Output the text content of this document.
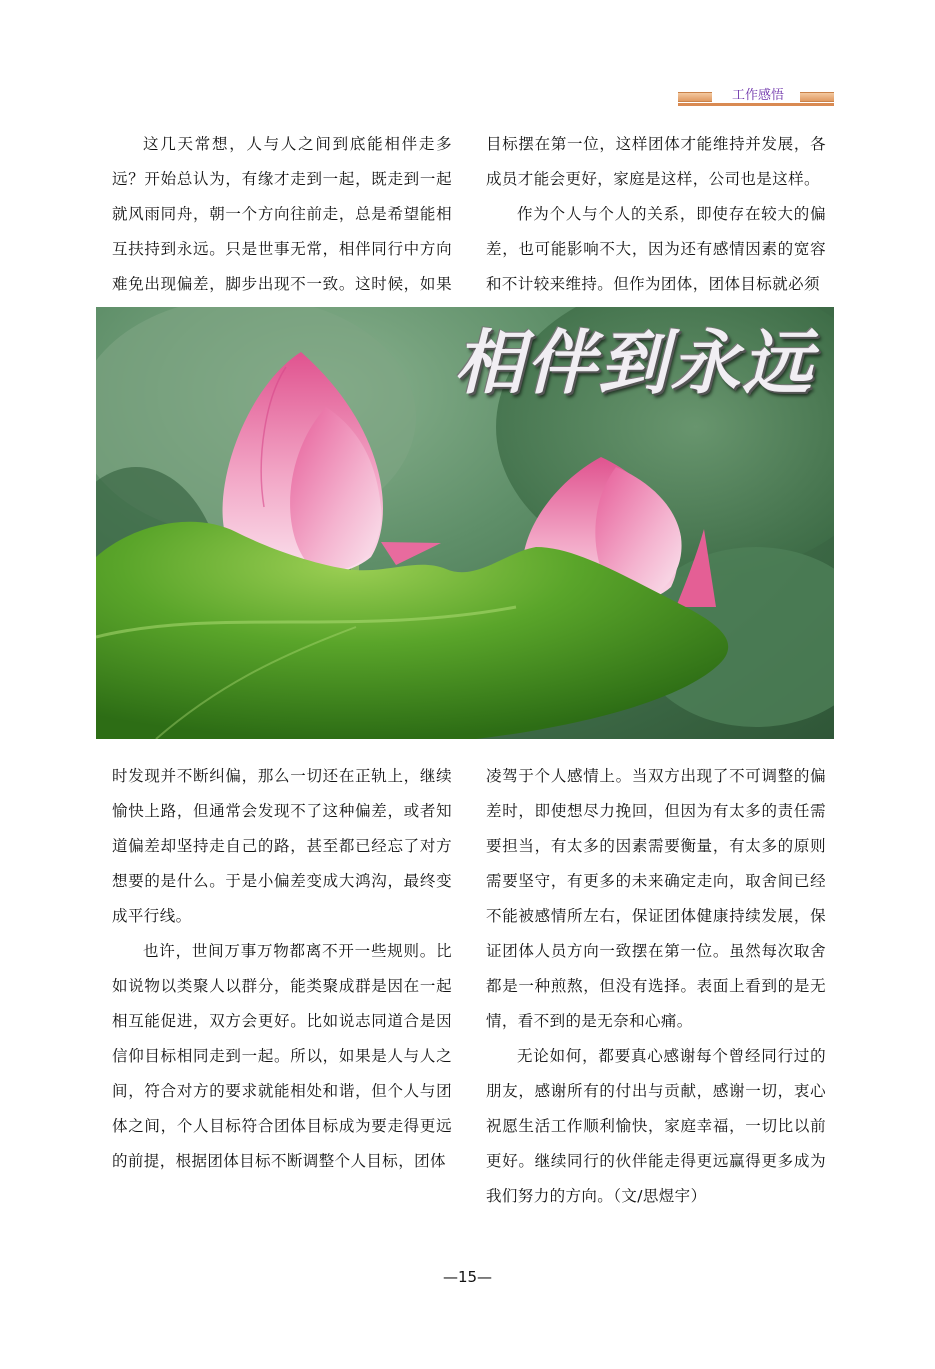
工作感悟

这几天常想，人与人之间到底能相伴走多远？开始总认为，有缘才走到一起，既走到一起就风雨同舟，朝一个方向往前走，总是希望能相互扶持到永远。只是世事无常，相伴同行中方向难免出现偏差，脚步出现不一致。这时候，如果

目标摆在第一位，这样团体才能维持并发展，各成员才能会更好，家庭是这样，公司也是这样。

作为个人与个人的关系，即使存在较大的偏差，也可能影响不大，因为还有感情因素的宽容和不计较来维持。但作为团体，团体目标就必须

相伴到永远

时发现并不断纠偏，那么一切还在正轨上，继续愉快上路，但通常会发现不了这种偏差，或者知道偏差却坚持走自己的路，甚至都已经忘了对方想要的是什么。于是小偏差变成大鸿沟，最终变成平行线。

也许，世间万事万物都离不开一些规则。比如说物以类聚人以群分，能类聚成群是因在一起相互能促进，双方会更好。比如说志同道合是因信仰目标相同走到一起。所以，如果是人与人之间，符合对方的要求就能相处和谐，但个人与团体之间，个人目标符合团体目标成为要走得更远的前提，根据团体目标不断调整个人目标，团体

凌驾于个人感情上。当双方出现了不可调整的偏差时，即使想尽力挽回，但因为有太多的责任需要担当，有太多的因素需要衡量，有太多的原则需要坚守，有更多的未来确定走向，取舍间已经不能被感情所左右，保证团体健康持续发展，保证团体人员方向一致摆在第一位。虽然每次取舍都是一种煎熬，但没有选择。表面上看到的是无情，看不到的是无奈和心痛。

无论如何，都要真心感谢每个曾经同行过的朋友，感谢所有的付出与贡献，感谢一切，衷心祝愿生活工作顺利愉快，家庭幸福，一切比以前更好。继续同行的伙伴能走得更远赢得更多成为我们努力的方向。（文/思煜宇）

—15—
